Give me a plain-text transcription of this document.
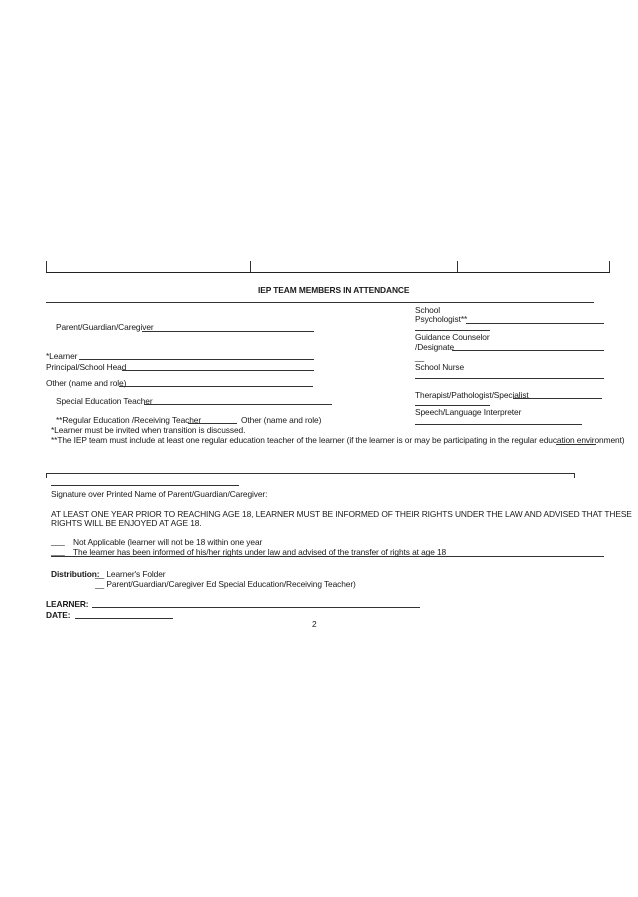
IEP TEAM MEMBERS IN ATTENDANCE
Parent/Guardian/Caregiver
*Learner
Principal/School Head
Other (name and role)
Special Education Teacher
**Regular Education /Receiving Teacher	Other (name and role)
*Learner must be invited when transition is discussed.
**The IEP team must include at least one regular education teacher of the learner (if the learner is or may be participating in the regular education environment)
School
Psychologist**
Guidance Counselor
/Designate
__
School Nurse
Therapist/Pathologist/Specialist
Speech/Language Interpreter
Signature over Printed Name of Parent/Guardian/Caregiver:
AT LEAST ONE YEAR PRIOR TO REACHING AGE 18, LEARNER MUST BE INFORMED OF THEIR RIGHTS UNDER THE LAW AND ADVISED THAT THESE
RIGHTS WILL BE ENJOYED AT AGE 18.
___ Not Applicable (learner will not be 18 within one year
___ The learner has been informed of his/her rights under law and advised of the transfer of rights at age 18
Distribution:
__ Learner's Folder
__ Parent/Guardian/Caregiver Ed Special Education/Receiving Teacher)
LEARNER:
DATE:
2
